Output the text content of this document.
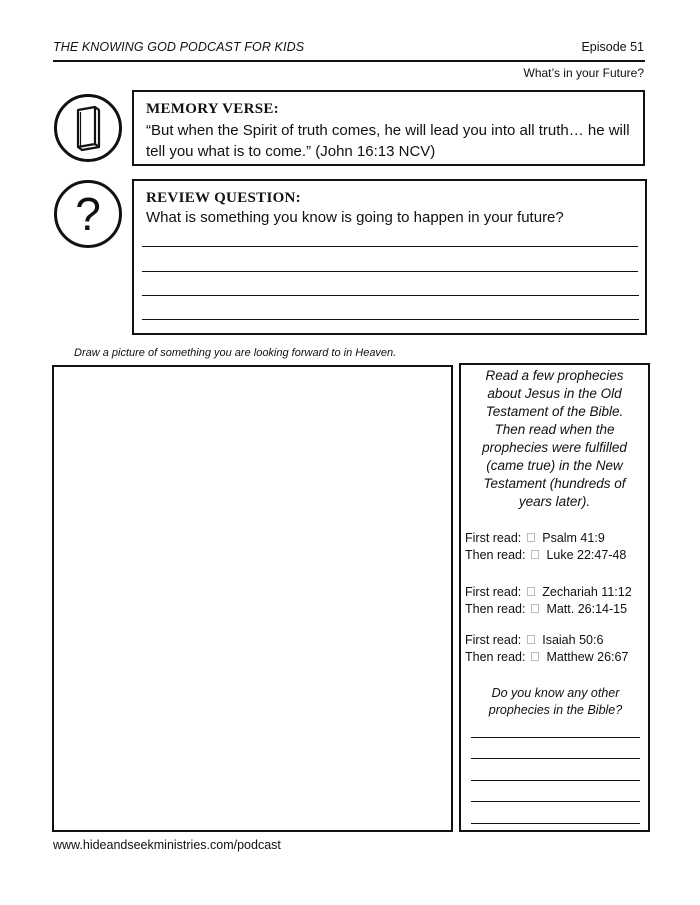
THE KNOWING GOD PODCAST FOR KIDS	Episode 51
What’s in your Future?
MEMORY VERSE:
“But when the Spirit of truth comes, he will lead you into all truth… he will
tell you what is to come.” (John 16:13 NCV)
?	REVIEW QUESTION:
What is something you know is going to happen in your future?
Draw a picture of something you are looking forward to in Heaven.
Read a few prophecies
about Jesus in the Old
Testament of the Bible.
Then read when the
prophecies were fulfilled
(came true) in the New
Testament (hundreds of
years later).
First read: Psalm 41:9
Then read: Luke 22:47-48
First read: Zechariah 11:12
Then read: Matt. 26:14-15
First read: Isaiah 50:6
Then read: Matthew 26:67
Do you know any other
prophecies in the Bible?
www.hideandseekministries.com/podcast
